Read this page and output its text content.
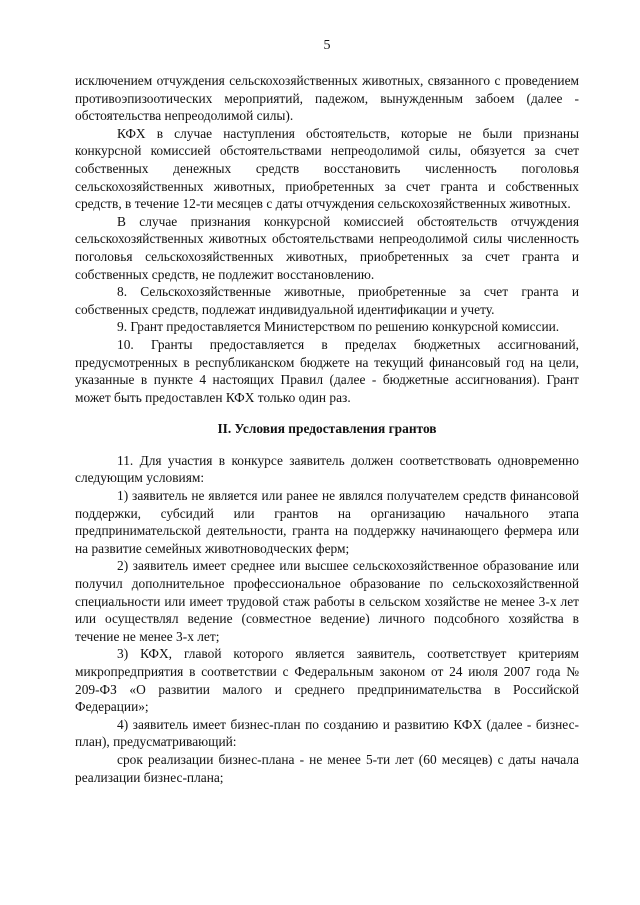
5

исключением отчуждения сельскохозяйственных животных, связанного с проведением противоэпизоотических мероприятий, падежом, вынужденным забоем (далее - обстоятельства непреодолимой силы).

КФХ в случае наступления обстоятельств, которые не были признаны конкурсной комиссией обстоятельствами непреодолимой силы, обязуется за счет собственных денежных средств восстановить численность поголовья сельскохозяйственных животных, приобретенных за счет гранта и собственных средств, в течение 12-ти месяцев с даты отчуждения сельскохозяйственных животных.

В случае признания конкурсной комиссией обстоятельств отчуждения сельскохозяйственных животных обстоятельствами непреодолимой силы численность поголовья сельскохозяйственных животных, приобретенных за счет гранта и собственных средств, не подлежит восстановлению.

8. Сельскохозяйственные животные, приобретенные за счет гранта и собственных средств, подлежат индивидуальной идентификации и учету.

9. Грант предоставляется Министерством по решению конкурсной комиссии.

10. Гранты предоставляется в пределах бюджетных ассигнований, предусмотренных в республиканском бюджете на текущий финансовый год на цели, указанные в пункте 4 настоящих Правил (далее - бюджетные ассигнования). Грант может быть предоставлен КФХ только один раз.

II. Условия предоставления грантов

11. Для участия в конкурсе заявитель должен соответствовать одновременно следующим условиям:

1) заявитель не является или ранее не являлся получателем средств финансовой поддержки, субсидий или грантов на организацию начального этапа предпринимательской деятельности, гранта на поддержку начинающего фермера или на развитие семейных животноводческих ферм;

2) заявитель имеет среднее или высшее сельскохозяйственное образование или получил дополнительное профессиональное образование по сельскохозяйственной специальности или имеет трудовой стаж работы в сельском хозяйстве не менее 3-х лет или осуществлял ведение (совместное ведение) личного подсобного хозяйства в течение не менее 3-х лет;

3) КФХ, главой которого является заявитель, соответствует критериям микропредприятия в соответствии с Федеральным законом от 24 июля 2007 года № 209-ФЗ «О развитии малого и среднего предпринимательства в Российской Федерации»;

4) заявитель имеет бизнес-план по созданию и развитию КФХ (далее - бизнес-план), предусматривающий:

срок реализации бизнес-плана - не менее 5-ти лет (60 месяцев) с даты начала реализации бизнес-плана;
